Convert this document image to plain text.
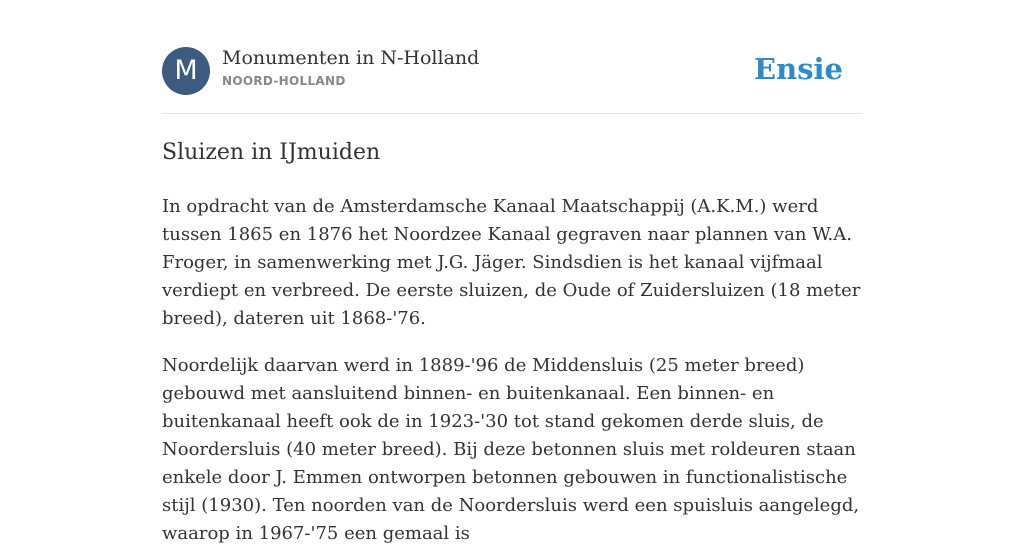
M	Monumenten in N-Holland
NOORD-HOLLAND	Ensie
Sluizen in IJmuiden

In opdracht van de Amsterdamsche Kanaal Maatschappij (A.K.M.) werd tussen 1865 en 1876 het Noordzee Kanaal gegraven naar plannen van W.A. Froger, in samenwerking met J.G. Jäger. Sindsdien is het kanaal vijfmaal verdiept en verbreed. De eerste sluizen, de Oude of Zuidersluizen (18 meter breed), dateren uit 1868-'76.

Noordelijk daarvan werd in 1889-'96 de Middensluis (25 meter breed) gebouwd met aansluitend binnen- en buitenkanaal. Een binnen- en buitenkanaal heeft ook de in 1923-'30 tot stand gekomen derde sluis, de Noordersluis (40 meter breed). Bij deze betonnen sluis met roldeuren staan enkele door J. Emmen ontworpen betonnen gebouwen in functionalistische stijl (1930). Ten noorden van de Noordersluis werd een spuisluis aangelegd, waarop in 1967-'75 een gemaal is
